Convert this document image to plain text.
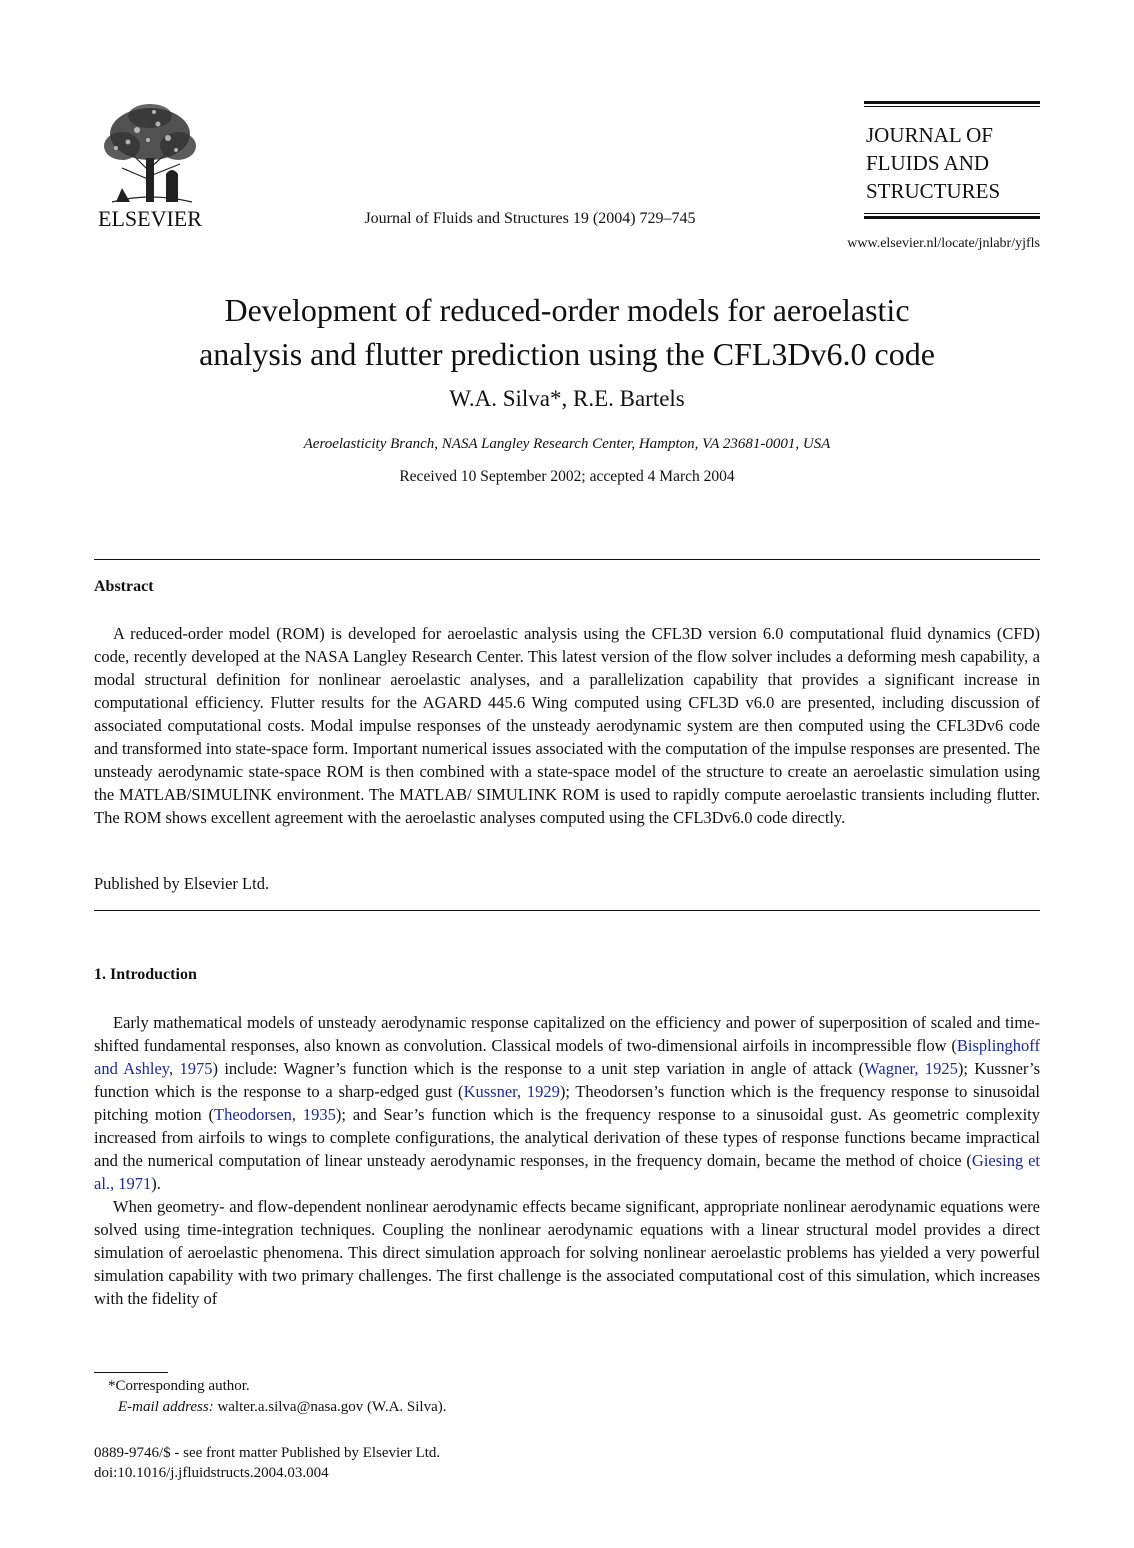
ELSEVIER	Journal of Fluids and Structures 19 (2004) 729–745
JOURNAL OF
FLUIDS AND
STRUCTURES
www.elsevier.nl/locate/jnlabr/yjfls
Development of reduced-order models for aeroelastic
analysis and flutter prediction using the CFL3Dv6.0 code
W.A. Silva*, R.E. Bartels
Aeroelasticity Branch, NASA Langley Research Center, Hampton, VA 23681-0001, USA
Received 10 September 2002; accepted 4 March 2004
Abstract

A reduced-order model (ROM) is developed for aeroelastic analysis using the CFL3D version 6.0 computational fluid dynamics (CFD) code, recently developed at the NASA Langley Research Center. This latest version of the flow solver includes a deforming mesh capability, a modal structural definition for nonlinear aeroelastic analyses, and a parallelization capability that provides a significant increase in computational efficiency. Flutter results for the AGARD 445.6 Wing computed using CFL3D v6.0 are presented, including discussion of associated computational costs. Modal impulse responses of the unsteady aerodynamic system are then computed using the CFL3Dv6 code and transformed into state-space form. Important numerical issues associated with the computation of the impulse responses are presented. The unsteady aerodynamic state-space ROM is then combined with a state-space model of the structure to create an aeroelastic simulation using the MATLAB/SIMULINK environment. The MATLAB/ SIMULINK ROM is used to rapidly compute aeroelastic transients including flutter. The ROM shows excellent agreement with the aeroelastic analyses computed using the CFL3Dv6.0 code directly.

Published by Elsevier Ltd.
1. Introduction

Early mathematical models of unsteady aerodynamic response capitalized on the efficiency and power of superposition of scaled and time-shifted fundamental responses, also known as convolution. Classical models of two-dimensional airfoils in incompressible flow (Bisplinghoff and Ashley, 1975) include: Wagner’s function which is the response to a unit step variation in angle of attack (Wagner, 1925); Kussner’s function which is the response to a sharp-edged gust (Kussner, 1929); Theodorsen’s function which is the frequency response to sinusoidal pitching motion (Theodorsen, 1935); and Sear’s function which is the frequency response to a sinusoidal gust. As geometric complexity increased from airfoils to wings to complete configurations, the analytical derivation of these types of response functions became impractical and the numerical computation of linear unsteady aerodynamic responses, in the frequency domain, became the method of choice (Giesing et al., 1971).

When geometry- and flow-dependent nonlinear aerodynamic effects became significant, appropriate nonlinear aerodynamic equations were solved using time-integration techniques. Coupling the nonlinear aerodynamic equations with a linear structural model provides a direct simulation of aeroelastic phenomena. This direct simulation approach for solving nonlinear aeroelastic problems has yielded a very powerful simulation capability with two primary challenges. The first challenge is the associated computational cost of this simulation, which increases with the fidelity of

*Corresponding author.
E-mail address: walter.a.silva@nasa.gov (W.A. Silva).
0889-9746/$ - see front matter Published by Elsevier Ltd.
doi:10.1016/j.jfluidstructs.2004.03.004
